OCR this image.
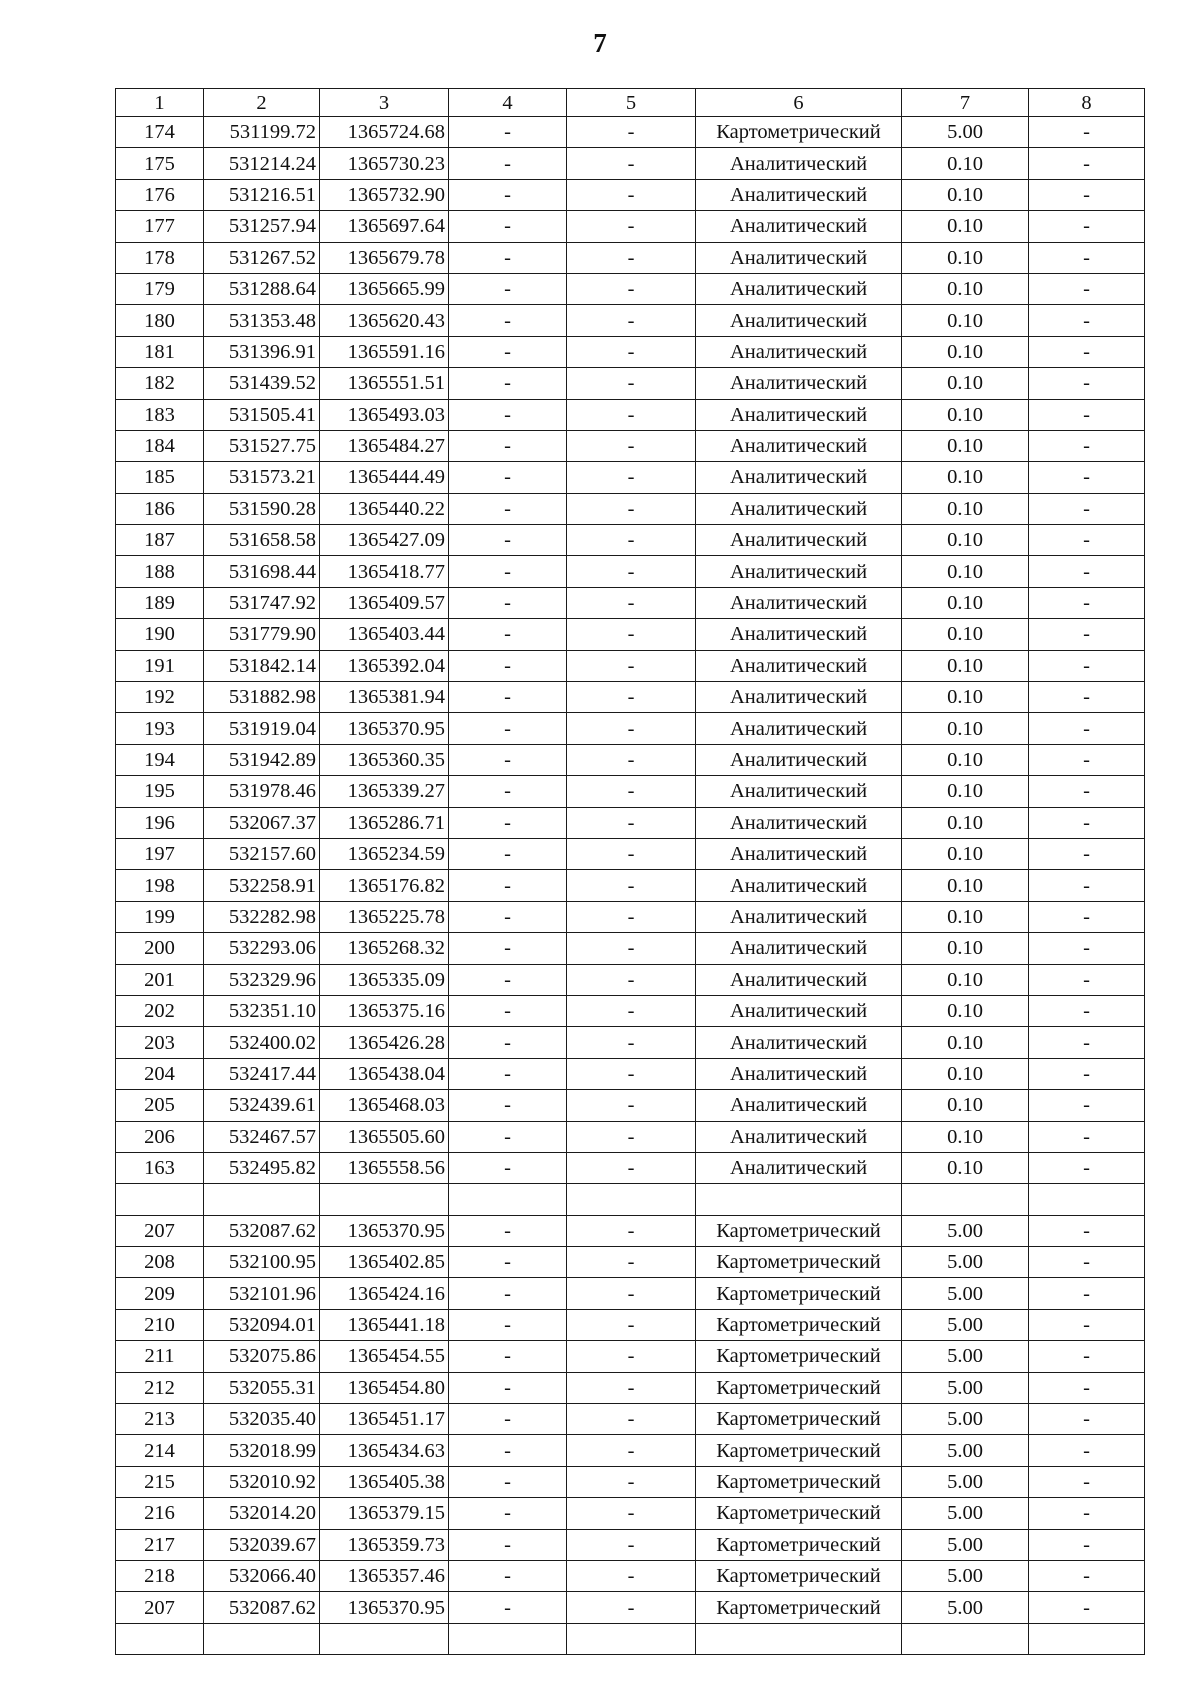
7
1	2	3	4	5	6	7	8
174	531199.72	1365724.68	-	-	Картометрический	5.00	-
175	531214.24	1365730.23	-	-	Аналитический	0.10	-
176	531216.51	1365732.90	-	-	Аналитический	0.10	-
177	531257.94	1365697.64	-	-	Аналитический	0.10	-
178	531267.52	1365679.78	-	-	Аналитический	0.10	-
179	531288.64	1365665.99	-	-	Аналитический	0.10	-
180	531353.48	1365620.43	-	-	Аналитический	0.10	-
181	531396.91	1365591.16	-	-	Аналитический	0.10	-
182	531439.52	1365551.51	-	-	Аналитический	0.10	-
183	531505.41	1365493.03	-	-	Аналитический	0.10	-
184	531527.75	1365484.27	-	-	Аналитический	0.10	-
185	531573.21	1365444.49	-	-	Аналитический	0.10	-
186	531590.28	1365440.22	-	-	Аналитический	0.10	-
187	531658.58	1365427.09	-	-	Аналитический	0.10	-
188	531698.44	1365418.77	-	-	Аналитический	0.10	-
189	531747.92	1365409.57	-	-	Аналитический	0.10	-
190	531779.90	1365403.44	-	-	Аналитический	0.10	-
191	531842.14	1365392.04	-	-	Аналитический	0.10	-
192	531882.98	1365381.94	-	-	Аналитический	0.10	-
193	531919.04	1365370.95	-	-	Аналитический	0.10	-
194	531942.89	1365360.35	-	-	Аналитический	0.10	-
195	531978.46	1365339.27	-	-	Аналитический	0.10	-
196	532067.37	1365286.71	-	-	Аналитический	0.10	-
197	532157.60	1365234.59	-	-	Аналитический	0.10	-
198	532258.91	1365176.82	-	-	Аналитический	0.10	-
199	532282.98	1365225.78	-	-	Аналитический	0.10	-
200	532293.06	1365268.32	-	-	Аналитический	0.10	-
201	532329.96	1365335.09	-	-	Аналитический	0.10	-
202	532351.10	1365375.16	-	-	Аналитический	0.10	-
203	532400.02	1365426.28	-	-	Аналитический	0.10	-
204	532417.44	1365438.04	-	-	Аналитический	0.10	-
205	532439.61	1365468.03	-	-	Аналитический	0.10	-
206	532467.57	1365505.60	-	-	Аналитический	0.10	-
163	532495.82	1365558.56	-	-	Аналитический	0.10	-

207	532087.62	1365370.95	-	-	Картометрический	5.00	-
208	532100.95	1365402.85	-	-	Картометрический	5.00	-
209	532101.96	1365424.16	-	-	Картометрический	5.00	-
210	532094.01	1365441.18	-	-	Картометрический	5.00	-
211	532075.86	1365454.55	-	-	Картометрический	5.00	-
212	532055.31	1365454.80	-	-	Картометрический	5.00	-
213	532035.40	1365451.17	-	-	Картометрический	5.00	-
214	532018.99	1365434.63	-	-	Картометрический	5.00	-
215	532010.92	1365405.38	-	-	Картометрический	5.00	-
216	532014.20	1365379.15	-	-	Картометрический	5.00	-
217	532039.67	1365359.73	-	-	Картометрический	5.00	-
218	532066.40	1365357.46	-	-	Картометрический	5.00	-
207	532087.62	1365370.95	-	-	Картометрический	5.00	-
